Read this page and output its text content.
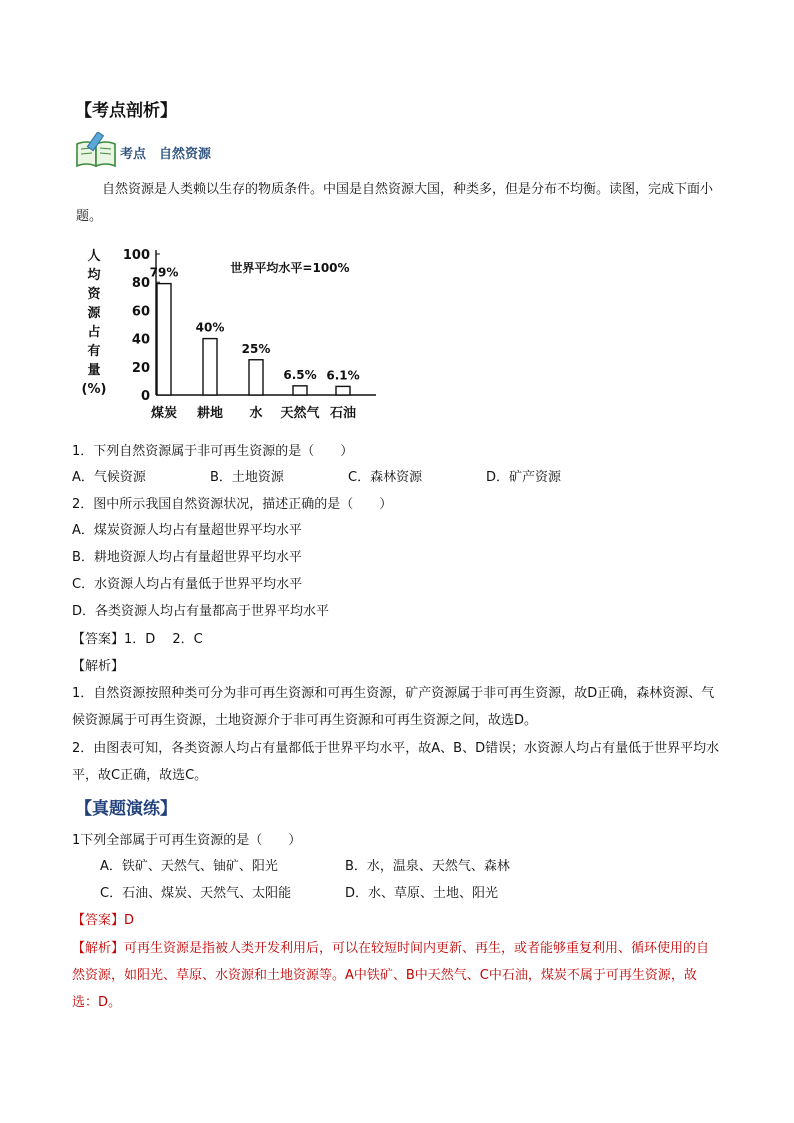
【考点剖析】
考点　自然资源
自然资源是人类赖以生存的物质条件。中国是自然资源大国，种类多，但是分布不均衡。读图，完成下面小题。
人
均
资
源
占
有
量
(%)	0
20
40
60
80
100
79%
煤炭
40%
耕地
25%
水
6.5%
天然气
6.1%
石油
世界平均水平=100%
1．下列自然资源属于非可再生资源的是（　　）
A．气候资源	B．土地资源	C．森林资源	D．矿产资源
2．图中所示我国自然资源状况，描述正确的是（　　）
A．煤炭资源人均占有量超世界平均水平
B．耕地资源人均占有量超世界平均水平
C．水资源人均占有量低于世界平均水平
D．各类资源人均占有量都高于世界平均水平
【答案】1．D　 2．C
【解析】
1．自然资源按照种类可分为非可再生资源和可再生资源，矿产资源属于非可再生资源，故D正确，森林资源、气候资源属于可再生资源，土地资源介于非可再生资源和可再生资源之间，故选D。
2．由图表可知，各类资源人均占有量都低于世界平均水平，故A、B、D错误；水资源人均占有量低于世界平均水平，故C正确，故选C。
【真题演练】
1下列全部属于可再生资源的是（　　）
A．铁矿、天然气、铀矿、阳光	B．水，温泉、天然气、森林
C．石油、煤炭、天然气、太阳能	D．水、草原、土地、阳光
【答案】D
【解析】可再生资源是指被人类开发利用后，可以在较短时间内更新、再生，或者能够重复利用、循环使用的自然资源，如阳光、草原、水资源和土地资源等。A中铁矿、B中天然气、C中石油，煤炭不属于可再生资源，故选：D。
